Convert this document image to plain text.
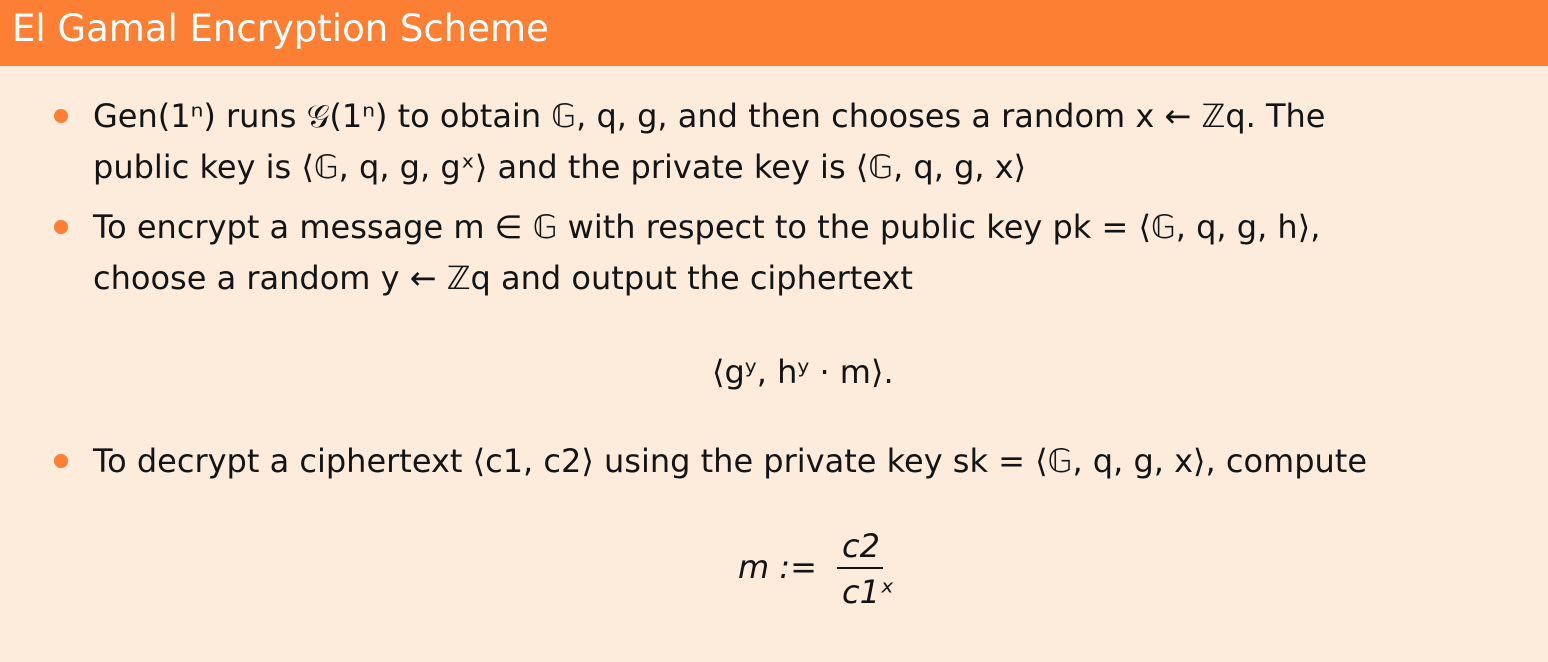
El Gamal Encryption Scheme
Gen(1ⁿ) runs 𝒢(1ⁿ) to obtain 𝔾, q, g, and then chooses a random x ← ℤq. The
public key is ⟨𝔾, q, g, gˣ⟩ and the private key is ⟨𝔾, q, g, x⟩
To encrypt a message m ∈ 𝔾 with respect to the public key pk = ⟨𝔾, q, g, h⟩,
choose a random y ← ℤq and output the ciphertext
⟨gʸ, hʸ · m⟩.
To decrypt a ciphertext ⟨c1, c2⟩ using the private key sk = ⟨𝔾, q, g, x⟩, compute
m :=
c2
c1ˣ
